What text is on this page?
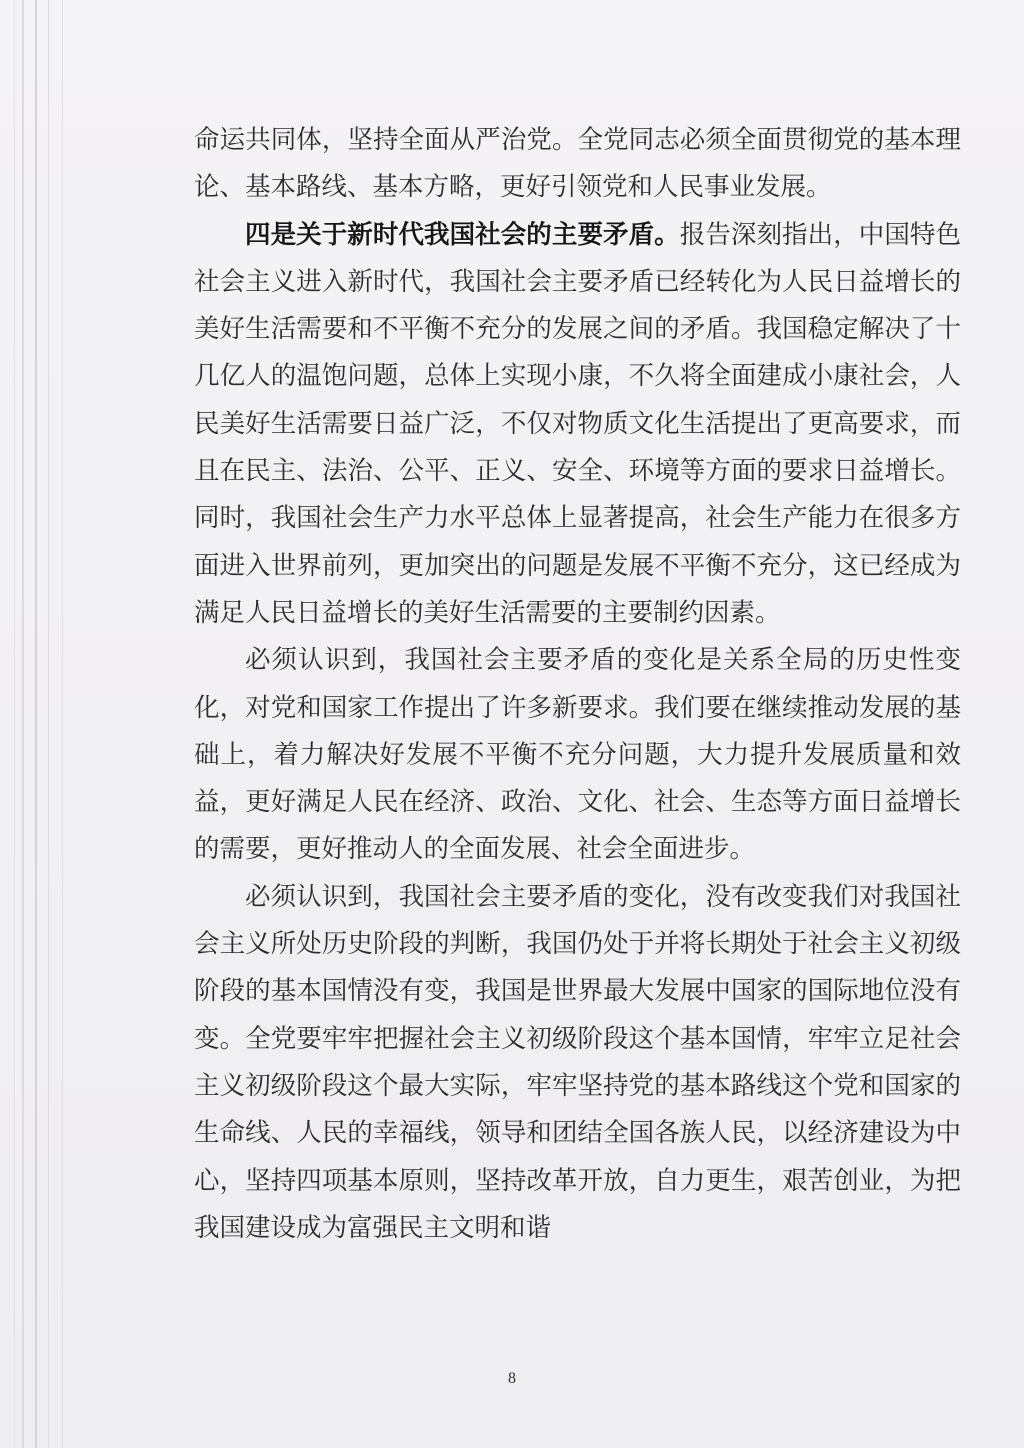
命运共同体，坚持全面从严治党。全党同志必须全面贯彻党的基本理论、基本路线、基本方略，更好引领党和人民事业发展。

四是关于新时代我国社会的主要矛盾。报告深刻指出，中国特色社会主义进入新时代，我国社会主要矛盾已经转化为人民日益增长的美好生活需要和不平衡不充分的发展之间的矛盾。我国稳定解决了十几亿人的温饱问题，总体上实现小康，不久将全面建成小康社会，人民美好生活需要日益广泛，不仅对物质文化生活提出了更高要求，而且在民主、法治、公平、正义、安全、环境等方面的要求日益增长。同时，我国社会生产力水平总体上显著提高，社会生产能力在很多方面进入世界前列，更加突出的问题是发展不平衡不充分，这已经成为满足人民日益增长的美好生活需要的主要制约因素。

必须认识到，我国社会主要矛盾的变化是关系全局的历史性变化，对党和国家工作提出了许多新要求。我们要在继续推动发展的基础上，着力解决好发展不平衡不充分问题，大力提升发展质量和效益，更好满足人民在经济、政治、文化、社会、生态等方面日益增长的需要，更好推动人的全面发展、社会全面进步。

必须认识到，我国社会主要矛盾的变化，没有改变我们对我国社会主义所处历史阶段的判断，我国仍处于并将长期处于社会主义初级阶段的基本国情没有变，我国是世界最大发展中国家的国际地位没有变。全党要牢牢把握社会主义初级阶段这个基本国情，牢牢立足社会主义初级阶段这个最大实际，牢牢坚持党的基本路线这个党和国家的生命线、人民的幸福线，领导和团结全国各族人民，以经济建设为中心，坚持四项基本原则，坚持改革开放，自力更生，艰苦创业，为把我国建设成为富强民主文明和谐

8
